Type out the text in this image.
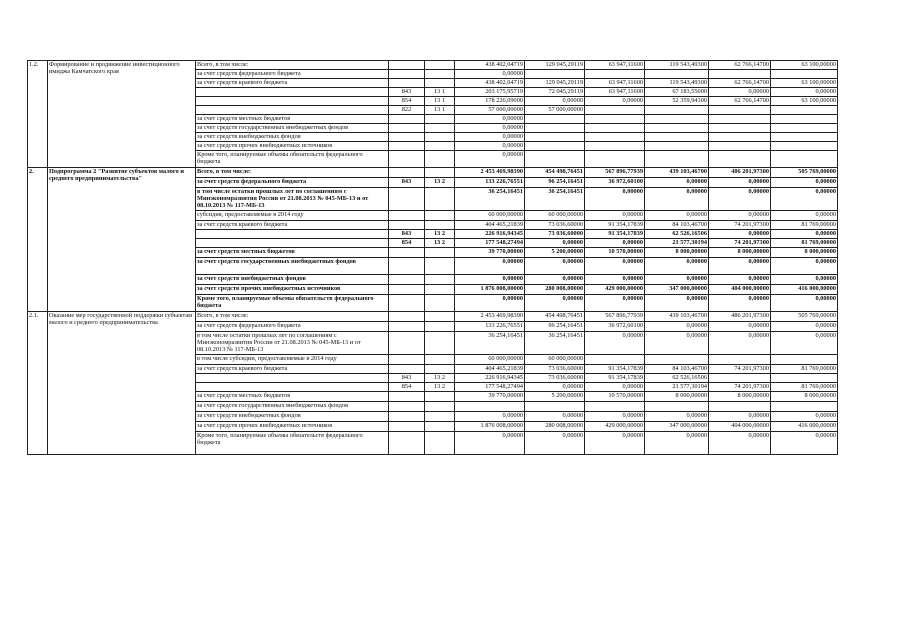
1.2.	Формирование и продвижение инвестиционного имиджа Камчатского края	Всего, в том числе:			438 402,04719	129 045,29119	63 947,11600	119 543,49300	62 766,14700	63 100,00000
		за счет средств федерального бюджета			0,00000					
		за счет средств краевого бюджета			438 402,04719	129 045,29119	63 947,11600	119 543,49300	62 766,14700	63 100,00000
			843	13 1	203 175,95719	72 045,29119	63 947,11600	67 183,55000	0,00000	0,00000
			854	13 1	178 226,09000	0,00000	0,00000	52 359,94300	62 766,14700	63 100,00000
			822	13 1	57 000,00000	57 000,00000				
		за счет средств местных бюджетов			0,00000					
		за счет средств государственных внебюджетных фондов			0,00000					
		за счет средств внебюджетных фондов			0,00000					
		за счет средств прочих внебюджетных источников			0,00000					
		Кроме того, планируемые объемы обязательств федерального бюджета			0,00000					
2.	Подпрограмма 2 "Развитие субъектов малого и среднего предпринимательства"	Всего, в том числе:			2 453 469,98390	454 498,76451	567 896,77939	439 103,46700	486 201,97300	505 769,00000
		за счет средств федерального бюджета	843	13 2	133 226,76551	96 254,16451	36 972,60100	0,00000	0,00000	0,00000
		в том числе остатки прошлых лет по соглашениям с Минэкономразвития России от 21.08.2013 № 045-МБ-13 и от 08.10.2013 № 117-МБ-13			36 254,16451	36 254,16451	0,00000	0,00000	0,00000	0,00000
		субсидия, предоставляемые в 2014 году			60 000,00000	60 000,00000	0,00000	0,00000	0,00000	0,00000
		за счет средств краевого бюджета			404 465,21839	73 036,60000	91 354,17839	84 103,46700	74 201,97300	81 769,00000
			843	13 2	226 916,94345	73 036,60000	91 354,17839	62 526,16506	0,00000	0,00000
			854	13 2	177 548,27494	0,00000	0,00000	21 577,30194	74 201,97300	81 769,00000
		за счет средств местных бюджетов			39 770,00000	5 200,00000	10 570,00000	8 000,00000	8 000,00000	8 000,00000
		за счет средств государственных внебюджетных фондов			0,00000	0,00000	0,00000	0,00000	0,00000	0,00000
		за счет средств внебюджетных фондов			0,00000	0,00000	0,00000	0,00000	0,00000	0,00000
		за счет средств прочих внебюджетных источников			1 876 008,00000	280 008,00000	429 000,00000	347 000,00000	404 000,00000	416 000,00000
		Кроме того, планируемые объемы обязательств федерального бюджета			0,00000	0,00000	0,00000	0,00000	0,00000	0,00000
2.1.	Оказание мер государственной поддержки субъектам малого и среднего предпринимательства	Всего, в том числе:			2 453 469,98390	454 498,76451	567 896,77939	439 103,46700	486 201,97300	505 769,00000
		за счет средств федерального бюджета			133 226,76551	96 254,16451	36 972,60100	0,00000	0,00000	0,00000
		в том числе остатки прошлых лет по соглашениям с Минэкономразвития России от 21.08.2013 № 045-МБ-13 и от 08.10.2013 № 117-МБ-13			36 254,16451	36 254,16451	0,00000	0,00000	0,00000	0,00000
		в том числе субсидии, предоставляемые в 2014 году			60 000,00000	60 000,00000				
		за счет средств краевого бюджета			404 465,21839	73 036,60000	91 354,17839	84 103,46700	74 201,97300	81 769,00000
			843	13 2	226 916,94345	73 036,60000	91 354,17839	62 526,16506		
			854	13 2	177 548,27494	0,00000	0,00000	21 577,30194	74 201,97300	81 769,00000
		за счет средств местных бюджетов			39 770,00000	5 200,00000	10 570,00000	8 000,00000	8 000,00000	8 000,00000
		за счет средств государственных внебюджетных фондов								
		за счет средств внебюджетных фондов			0,00000	0,00000	0,00000	0,00000	0,00000	0,00000
		за счет средств прочих внебюджетных источников			1 876 008,00000	280 008,00000	429 000,00000	347 000,00000	404 000,00000	416 000,00000
		Кроме того, планируемые объемы обязательств федерального бюджета			0,00000	0,00000	0,00000	0,00000	0,00000	0,00000
